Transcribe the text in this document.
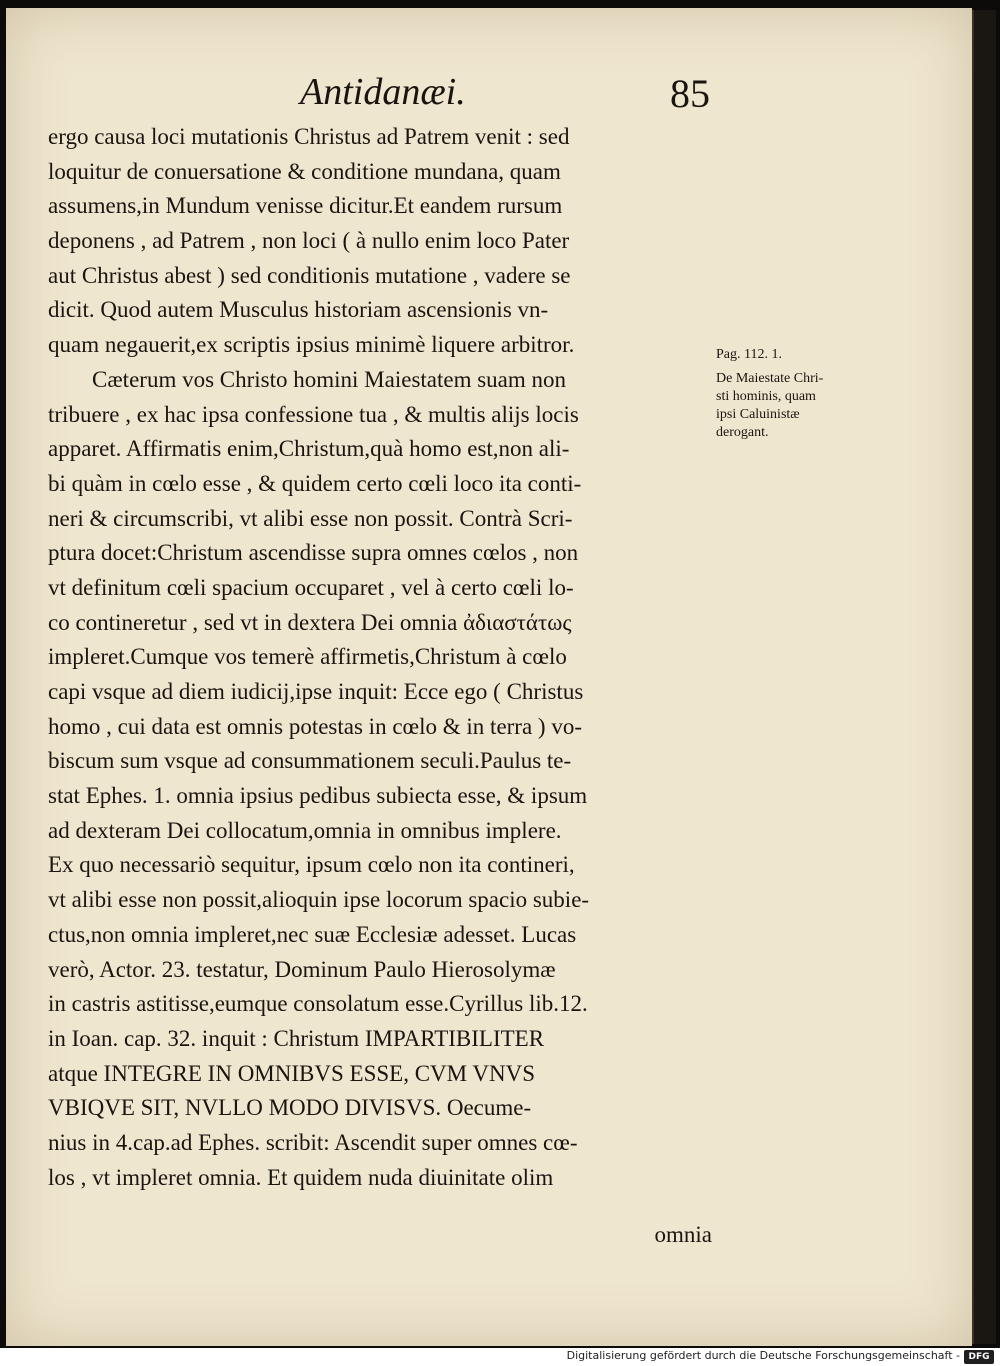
Antidanæi.	85
ergo causa loci mutationis Christus ad Patrem venit : sed
loquitur de conuersatione & conditione mundana, quam
assumens,in Mundum venisse dicitur.Et eandem rursum
deponens , ad Patrem , non loci ( à nullo enim loco Pater
aut Christus abest ) sed conditionis mutatione , vadere se
dicit. Quod autem Musculus historiam ascensionis vn-
quam negauerit,ex scriptis ipsius minimè liquere arbitror.
Cæterum vos Christo homini Maiestatem suam non
tribuere , ex hac ipsa confessione tua , & multis alijs locis
apparet. Affirmatis enim,Christum,quà homo est,non ali-
bi quàm in cœlo esse , & quidem certo cœli loco ita conti-
neri & circumscribi, vt alibi esse non possit. Contrà Scri-
ptura docet:Christum ascendisse supra omnes cœlos , non
vt definitum cœli spacium occuparet , vel à certo cœli lo-
co contineretur , sed vt in dextera Dei omnia ἀδιαστάτως
impleret.Cumque vos temerè affirmetis,Christum à cœlo
capi vsque ad diem iudicij,ipse inquit: Ecce ego ( Christus
homo , cui data est omnis potestas in cœlo & in terra ) vo-
biscum sum vsque ad consummationem seculi.Paulus te-
stat Ephes. 1. omnia ipsius pedibus subiecta esse, & ipsum
ad dexteram Dei collocatum,omnia in omnibus implere.
Ex quo necessariò sequitur, ipsum cœlo non ita contineri,
vt alibi esse non possit,alioquin ipse locorum spacio subie-
ctus,non omnia impleret,nec suæ Ecclesiæ adesset. Lucas
verò, Actor. 23. testatur, Dominum Paulo Hierosolymæ
in castris astitisse,eumque consolatum esse.Cyrillus lib.12.
in Ioan. cap. 32. inquit : Christum IMPARTIBILITER
atque INTEGRE IN OMNIBVS ESSE, CVM VNVS
VBIQVE SIT, NVLLO MODO DIVISVS. Oecume-
nius in 4.cap.ad Ephes. scribit: Ascendit super omnes cœ-
los , vt impleret omnia. Et quidem nuda diuinitate olim
omnia
Pag. 112. 1.
De Maiestate Chri-
sti hominis, quam
ipsi Caluinistæ
derogant.
Digitalisierung gefördert durch die Deutsche Forschungsgemeinschaft - DFG
